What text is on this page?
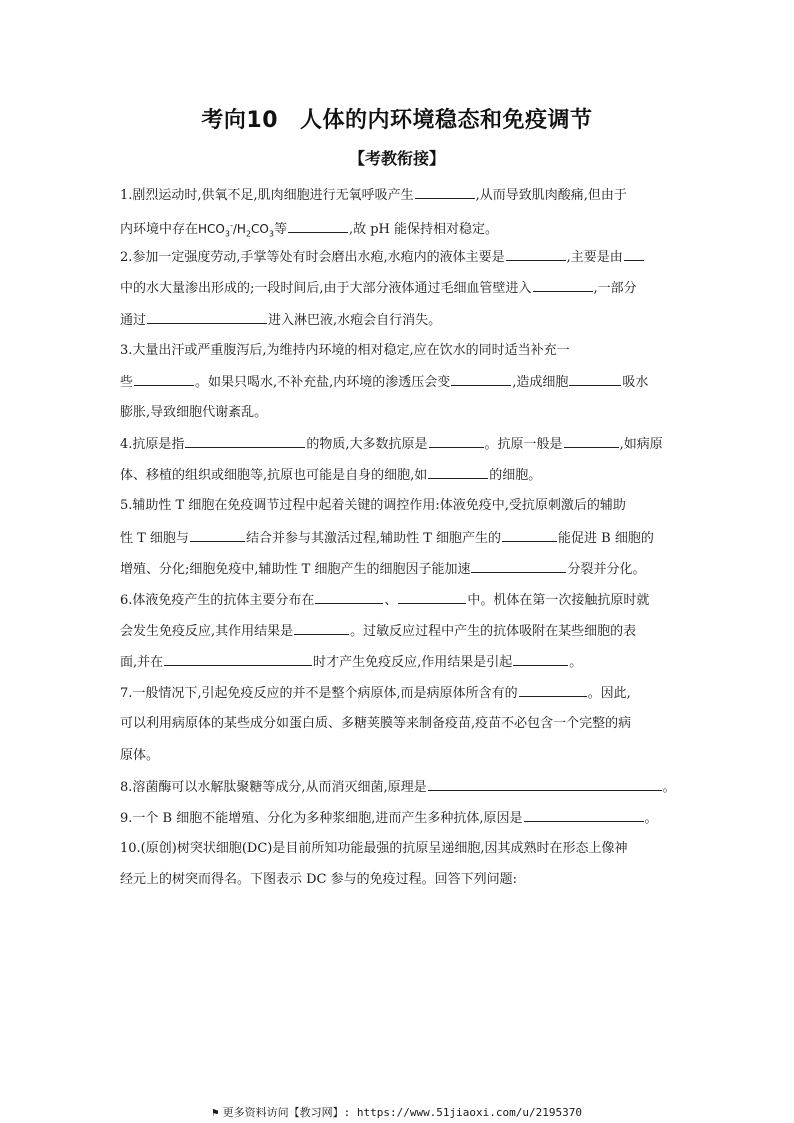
考向10 人体的内环境稳态和免疫调节
【考教衔接】
1.剧烈运动时,供氧不足,肌肉细胞进行无氧呼吸产生	,从而导致肌肉酸痛,但由于
内环境中存在$HCO_3^-/H_2CO_3$等	,故 pH 能保持相对稳定。
2.参加一定强度劳动,手掌等处有时会磨出水疱,水疱内的液体主要是	,主要是由
中的水大量渗出形成的;一段时间后,由于大部分液体通过毛细血管壁进入	,一部分
通过	进入淋巴液,水疱会自行消失。
3.大量出汗或严重腹泻后,为维持内环境的相对稳定,应在饮水的同时适当补充一
些	。如果只喝水,不补充盐,内环境的渗透压会变	,造成细胞	吸水
膨胀,导致细胞代谢紊乱。
4.抗原是指	的物质,大多数抗原是	。抗原一般是	,如病原
体、移植的组织或细胞等,抗原也可能是自身的细胞,如	的细胞。
5.辅助性 T 细胞在免疫调节过程中起着关键的调控作用:体液免疫中,受抗原刺激后的辅助
性 T 细胞与	结合并参与其激活过程,辅助性 T 细胞产生的	能促进 B 细胞的
增殖、分化;细胞免疫中,辅助性 T 细胞产生的细胞因子能加速	分裂并分化。
6.体液免疫产生的抗体主要分布在	、	中。机体在第一次接触抗原时就
会发生免疫反应,其作用结果是	。过敏反应过程中产生的抗体吸附在某些细胞的表
面,并在	时才产生免疫反应,作用结果是引起	。
7.一般情况下,引起免疫反应的并不是整个病原体,而是病原体所含有的	。因此,
可以利用病原体的某些成分如蛋白质、多糖荚膜等来制备疫苗,疫苗不必包含一个完整的病
原体。
8.溶菌酶可以水解肽聚糖等成分,从而消灭细菌,原理是	。
9.一个 B 细胞不能增殖、分化为多种浆细胞,进而产生多种抗体,原因是	。
10.(原创)树突状细胞(DC)是目前所知功能最强的抗原呈递细胞,因其成熟时在形态上像神
经元上的树突而得名。下图表示 DC 参与的免疫过程。回答下列问题:
⚑ 更多资料访问【教习网】: https://www.51jiaoxi.com/u/2195370
